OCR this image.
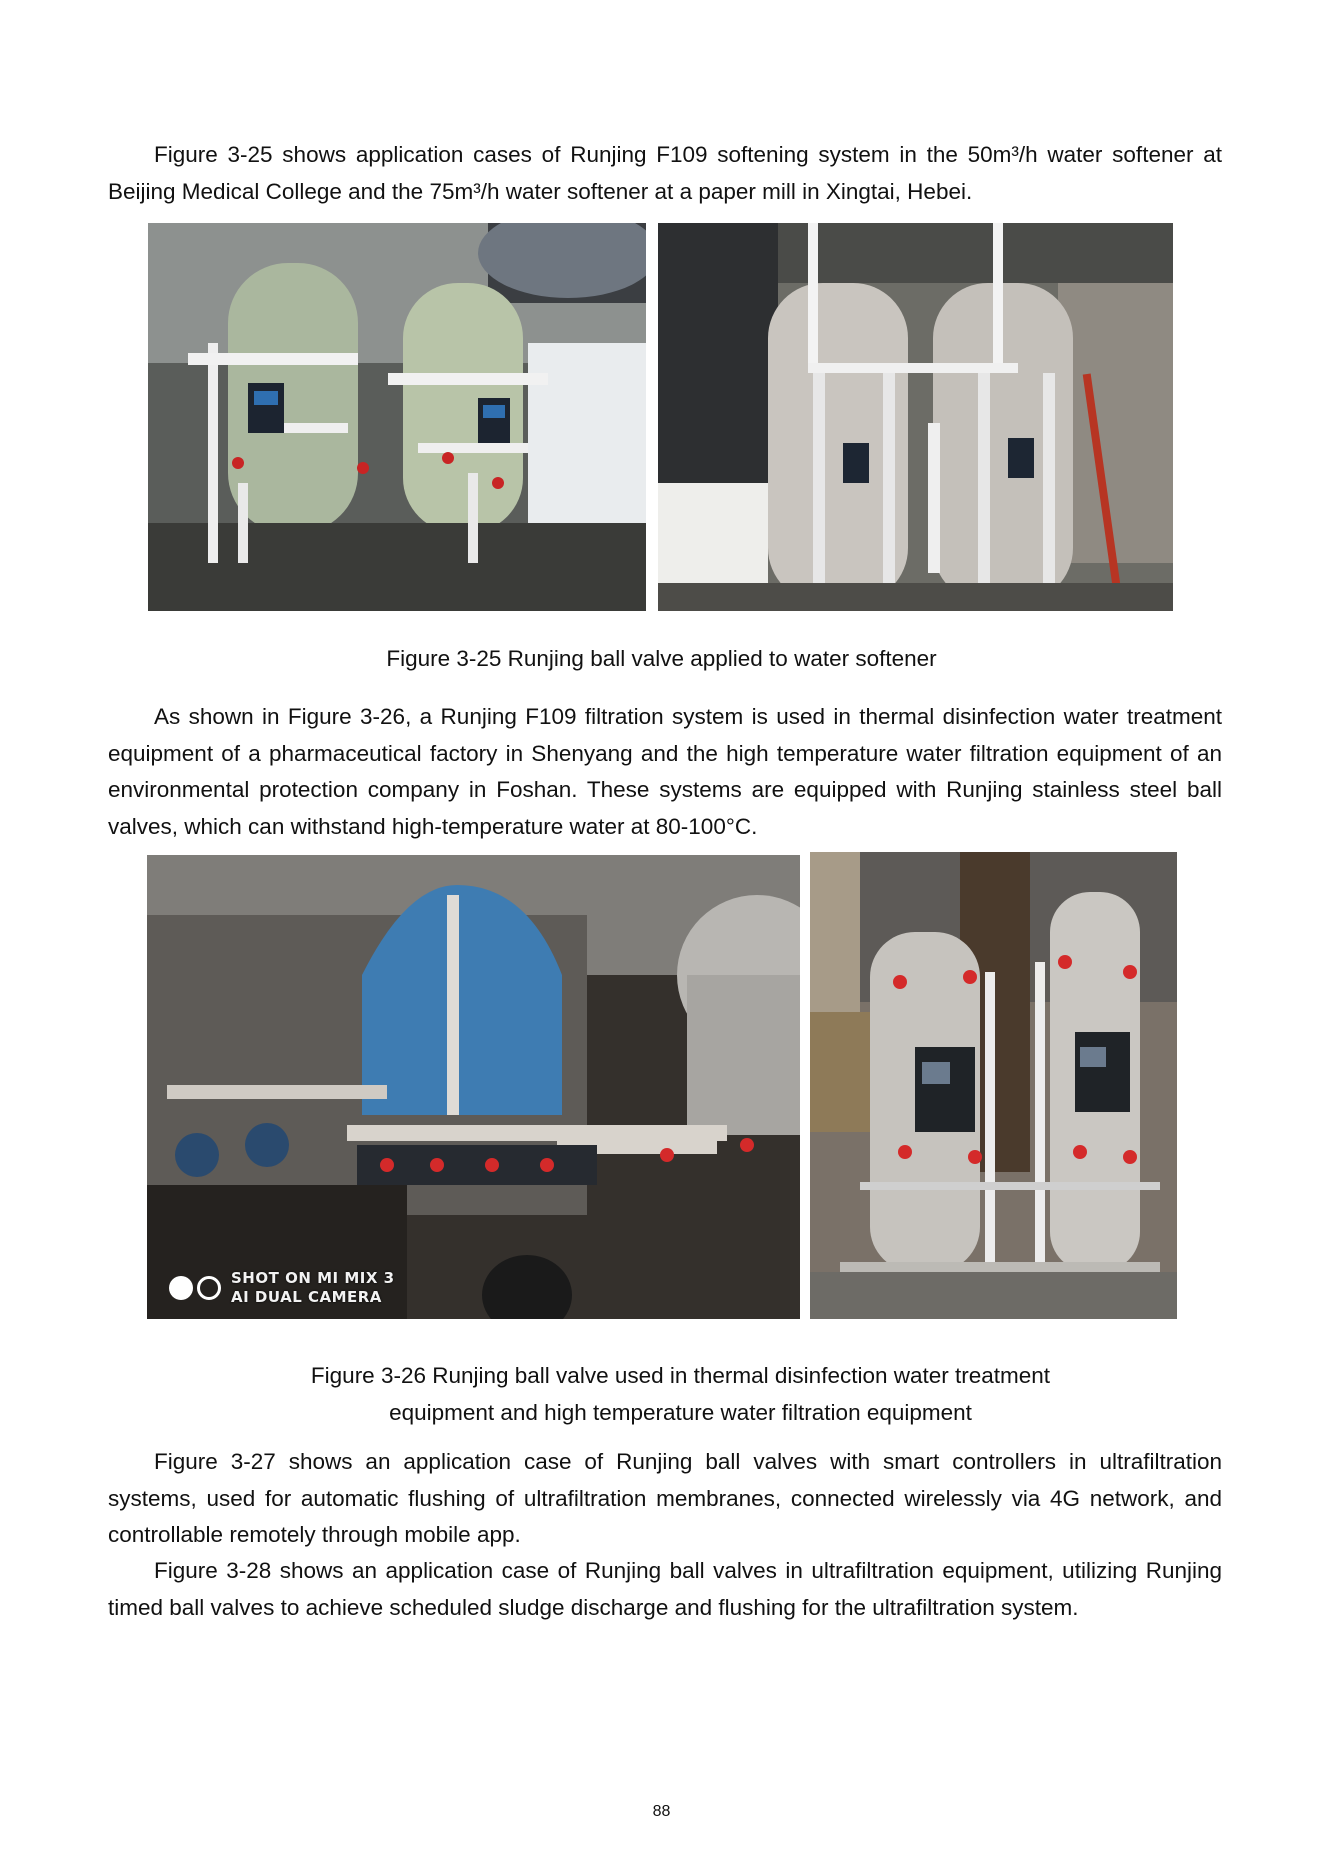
Figure 3-25 shows application cases of Runjing F109 softening system in the 50m³/h water softener at Beijing Medical College and the 75m³/h water softener at a paper mill in Xingtai, Hebei.

Figure 3-25 Runjing ball valve applied to water softener

As shown in Figure 3-26, a Runjing F109 filtration system is used in thermal disinfection water treatment equipment of a pharmaceutical factory in Shenyang and the high temperature water filtration equipment of an environmental protection company in Foshan. These systems are equipped with Runjing stainless steel ball valves, which can withstand high-temperature water at 80-100°C.

SHOT ON MI MIX 3
AI DUAL CAMERA

Figure 3-26 Runjing ball valve used in thermal disinfection water treatment

equipment and high temperature water filtration equipment

Figure 3-27 shows an application case of Runjing ball valves with smart controllers in ultrafiltration systems, used for automatic flushing of ultrafiltration membranes, connected wirelessly via 4G network, and controllable remotely through mobile app.

Figure 3-28 shows an application case of Runjing ball valves in ultrafiltration equipment, utilizing Runjing timed ball valves to achieve scheduled sludge discharge and flushing for the ultrafiltration system.

88
